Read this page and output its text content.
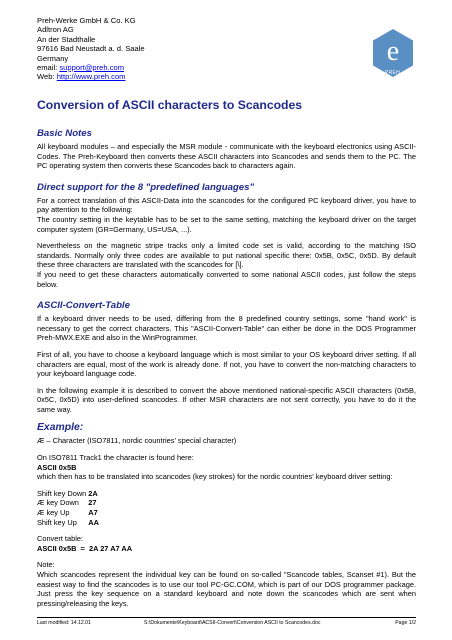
Preh-Werke GmbH & Co. KG
Adltron AG
An der Stadthalle
97616 Bad Neustadt a. d. Saale
Germany
email: support@preh.com
Web: http://www.preh.com
e
PREH
Conversion of ASCII characters to Scancodes
Basic Notes

All keyboard modules – and especially the MSR module - communicate with the keyboard electronics using ASCII-Codes. The Preh-Keyboard then converts these ASCII characters into Scancodes and sends them to the PC. The PC operating system then converts these Scancodes back to characters again.

Direct support for the 8 "predefined languages"

For a correct translation of this ASCII-Data into the scancodes for the configured PC keyboard driver, you have to pay attention to the following:

The country setting in the keytable has to be set to the same setting, matching the keyboard driver on the target computer system (GR=Germany, US=USA, ...).

Nevertheless on the magnetic stripe tracks only a limited code set is valid, according to the matching ISO standards. Normally only three codes are available to put national specific there: 0x5B, 0x5C, 0x5D. By default these three characters are translated with the scancodes for [\].

If you need to get these characters automatically converted to some national ASCII codes, just follow the steps below.

ASCII-Convert-Table

If a keyboard driver needs to be used, differing from the 8 predefined country settings, some "hand work" is necessary to get the correct characters. This "ASCII-Convert-Table" can either be done in the DOS Programmer Preh-MWX.EXE and also in the WinProgrammer.

First of all, you have to choose a keyboard language which is most similar to your OS keyboard driver setting. If all characters are equal, most of the work is already done. If not, you have to convert the non-matching characters to your keyboard language code.

In the following example it is described to convert the above mentioned national-specific ASCII characters (0x5B, 0x5C, 0x5D) into user-defined scancodes. If other MSR characters are not sent correctly, you have to do it the same way.

Example:

Æ – Character (ISO7811, nordic countries' special character)

On ISO7811 Track1 the character is found here:

ASCII 0x5B

which then has to be translated into scancodes (key strokes) for the nordic countries' keyboard driver setting:

Shift key Down	2A
Æ key Down	27
Æ key Up	A7
Shift key Up	AA

Convert table:

ASCII 0x5B  =  2A 27 A7 AA

Note:

Which scancodes represent the individual key can be found on so-called "Scancode tables, Scanset #1). But the easiest way to find the scancodes is to use our tool PC-GC.COM, which is part of our DOS programmer package. Just press the key sequence on a standard keyboard and note down the scancodes which are sent when pressing/releasing the keys.

Last modified: 14.12.01	S:\Dokumente\Keyboard\ACSII-Convert\Conversion ASCII to Scancodes.doc	Page 1/2
